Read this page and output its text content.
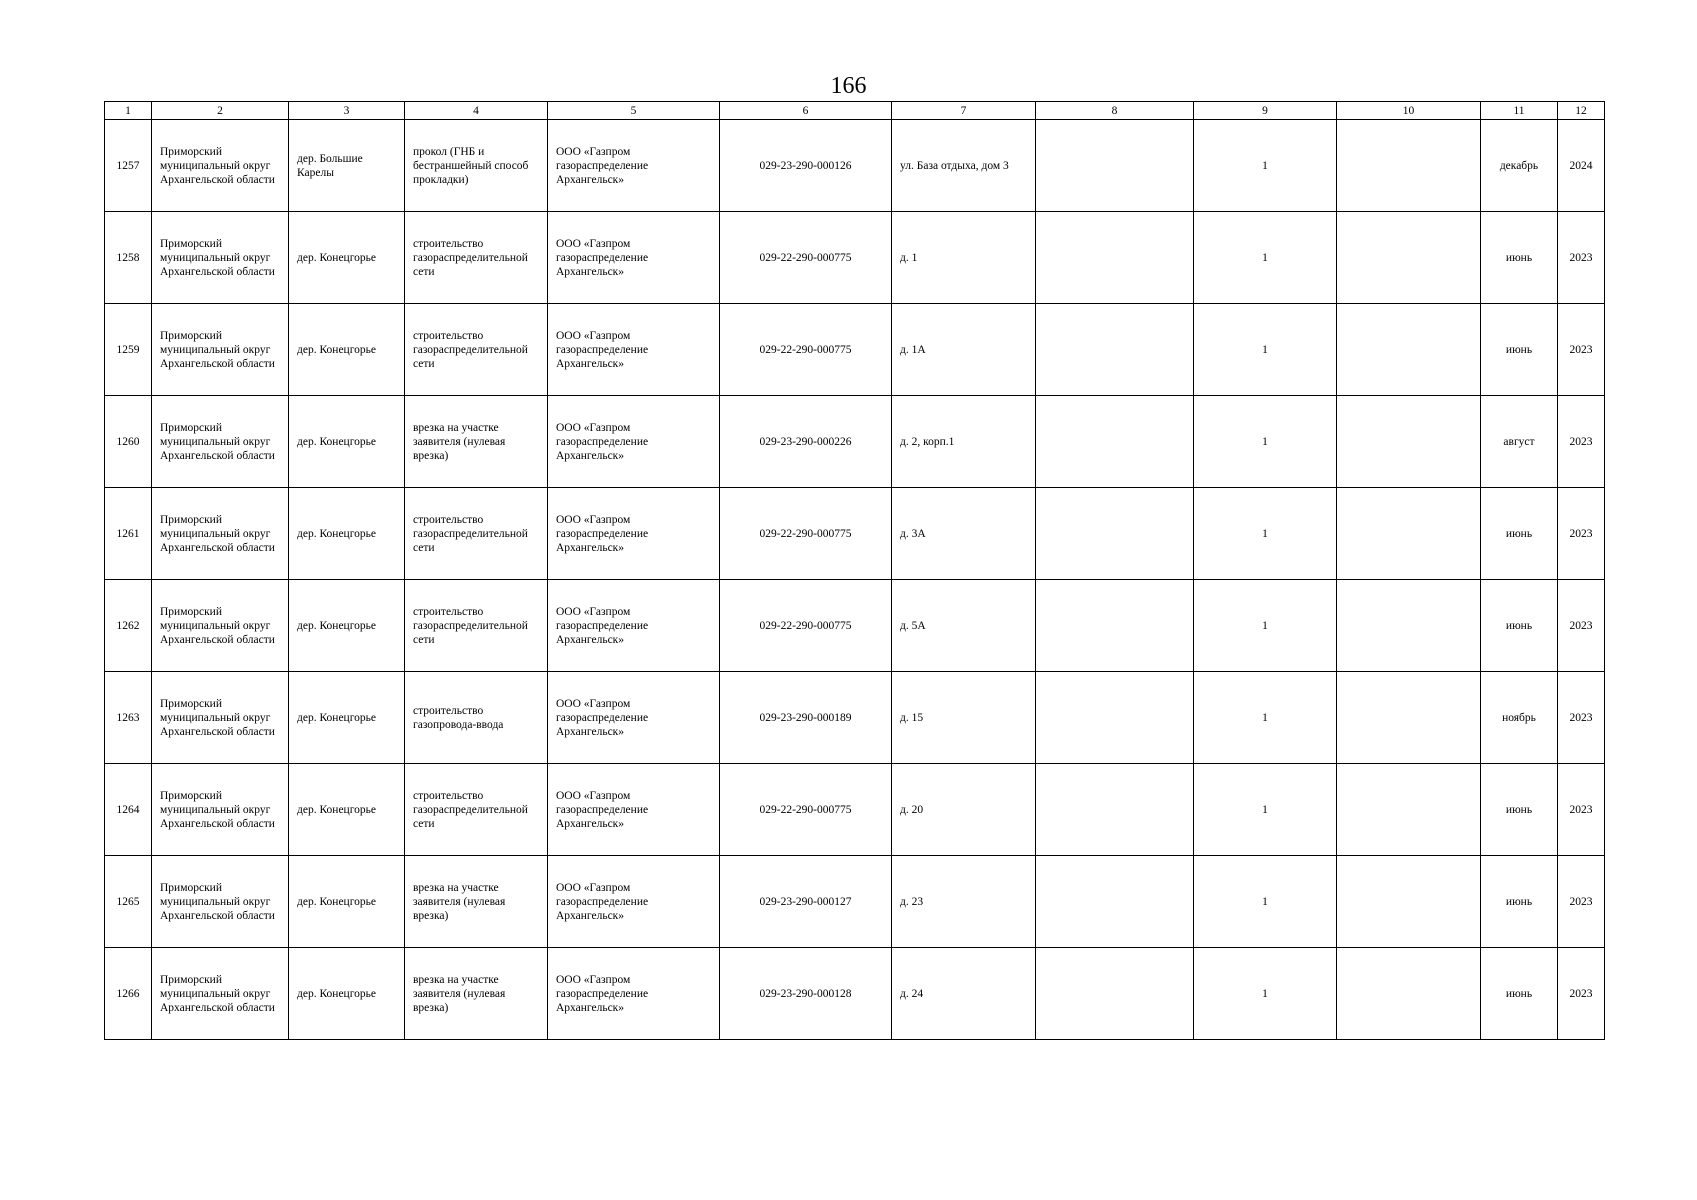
166
1	2	3	4	5	6	7	8	9	10	11	12
1257	Приморский муниципальный округ Архангельской области	дер. Большие Карелы	прокол (ГНБ и бестраншейный способ прокладки)	ООО «Газпром газораспределение Архангельск»	029-23-290-000126	ул. База отдыха, дом 3		1		декабрь	2024
1258	Приморский муниципальный округ Архангельской области	дер. Конецгорье	строительство газораспределительной сети	ООО «Газпром газораспределение Архангельск»	029-22-290-000775	д. 1		1		июнь	2023
1259	Приморский муниципальный округ Архангельской области	дер. Конецгорье	строительство газораспределительной сети	ООО «Газпром газораспределение Архангельск»	029-22-290-000775	д. 1А		1		июнь	2023
1260	Приморский муниципальный округ Архангельской области	дер. Конецгорье	врезка на участке заявителя (нулевая врезка)	ООО «Газпром газораспределение Архангельск»	029-23-290-000226	д. 2, корп.1		1		август	2023
1261	Приморский муниципальный округ Архангельской области	дер. Конецгорье	строительство газораспределительной сети	ООО «Газпром газораспределение Архангельск»	029-22-290-000775	д. 3А		1		июнь	2023
1262	Приморский муниципальный округ Архангельской области	дер. Конецгорье	строительство газораспределительной сети	ООО «Газпром газораспределение Архангельск»	029-22-290-000775	д. 5А		1		июнь	2023
1263	Приморский муниципальный округ Архангельской области	дер. Конецгорье	строительство газопровода-ввода	ООО «Газпром газораспределение Архангельск»	029-23-290-000189	д. 15		1		ноябрь	2023
1264	Приморский муниципальный округ Архангельской области	дер. Конецгорье	строительство газораспределительной сети	ООО «Газпром газораспределение Архангельск»	029-22-290-000775	д. 20		1		июнь	2023
1265	Приморский муниципальный округ Архангельской области	дер. Конецгорье	врезка на участке заявителя (нулевая врезка)	ООО «Газпром газораспределение Архангельск»	029-23-290-000127	д. 23		1		июнь	2023
1266	Приморский муниципальный округ Архангельской области	дер. Конецгорье	врезка на участке заявителя (нулевая врезка)	ООО «Газпром газораспределение Архангельск»	029-23-290-000128	д. 24		1		июнь	2023
